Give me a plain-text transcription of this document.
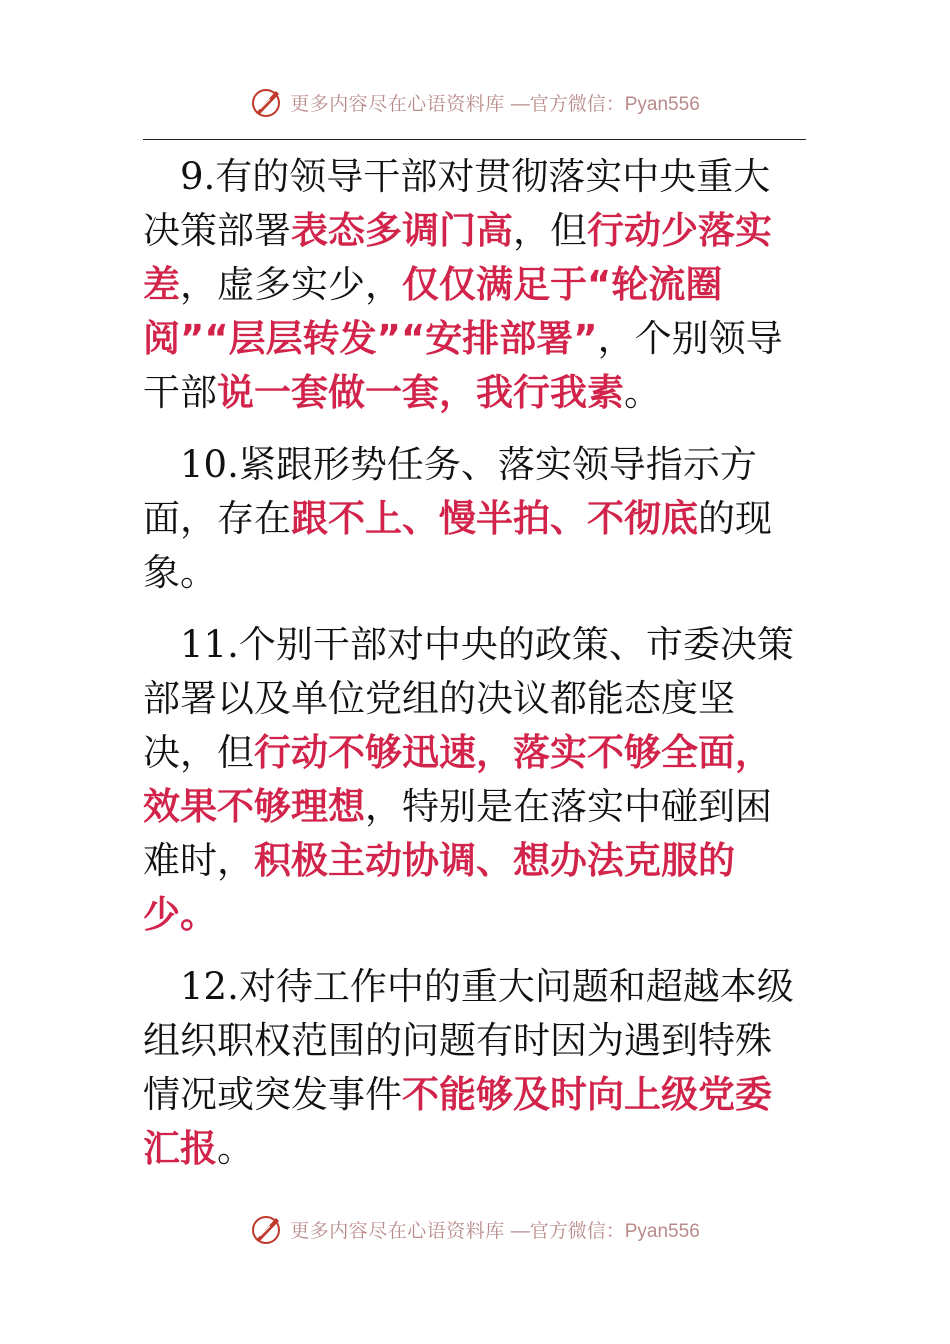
更多内容尽在心语资料库 —官方微信：Pyan556

9.有的领导干部对贯彻落实中央重大决策部署表态多调门高，但行动少落实差，虚多实少，仅仅满足于“轮流圈阅”“层层转发”“安排部署”，个别领导干部说一套做一套，我行我素。

10.紧跟形势任务、落实领导指示方面，存在跟不上、慢半拍、不彻底的现象。

11.个别干部对中央的政策、市委决策部署以及单位党组的决议都能态度坚决，但行动不够迅速，落实不够全面，效果不够理想，特别是在落实中碰到困难时，积极主动协调、想办法克服的少。

12.对待工作中的重大问题和超越本级组织职权范围的问题有时因为遇到特殊情况或突发事件不能够及时向上级党委汇报。

更多内容尽在心语资料库 —官方微信：Pyan556
